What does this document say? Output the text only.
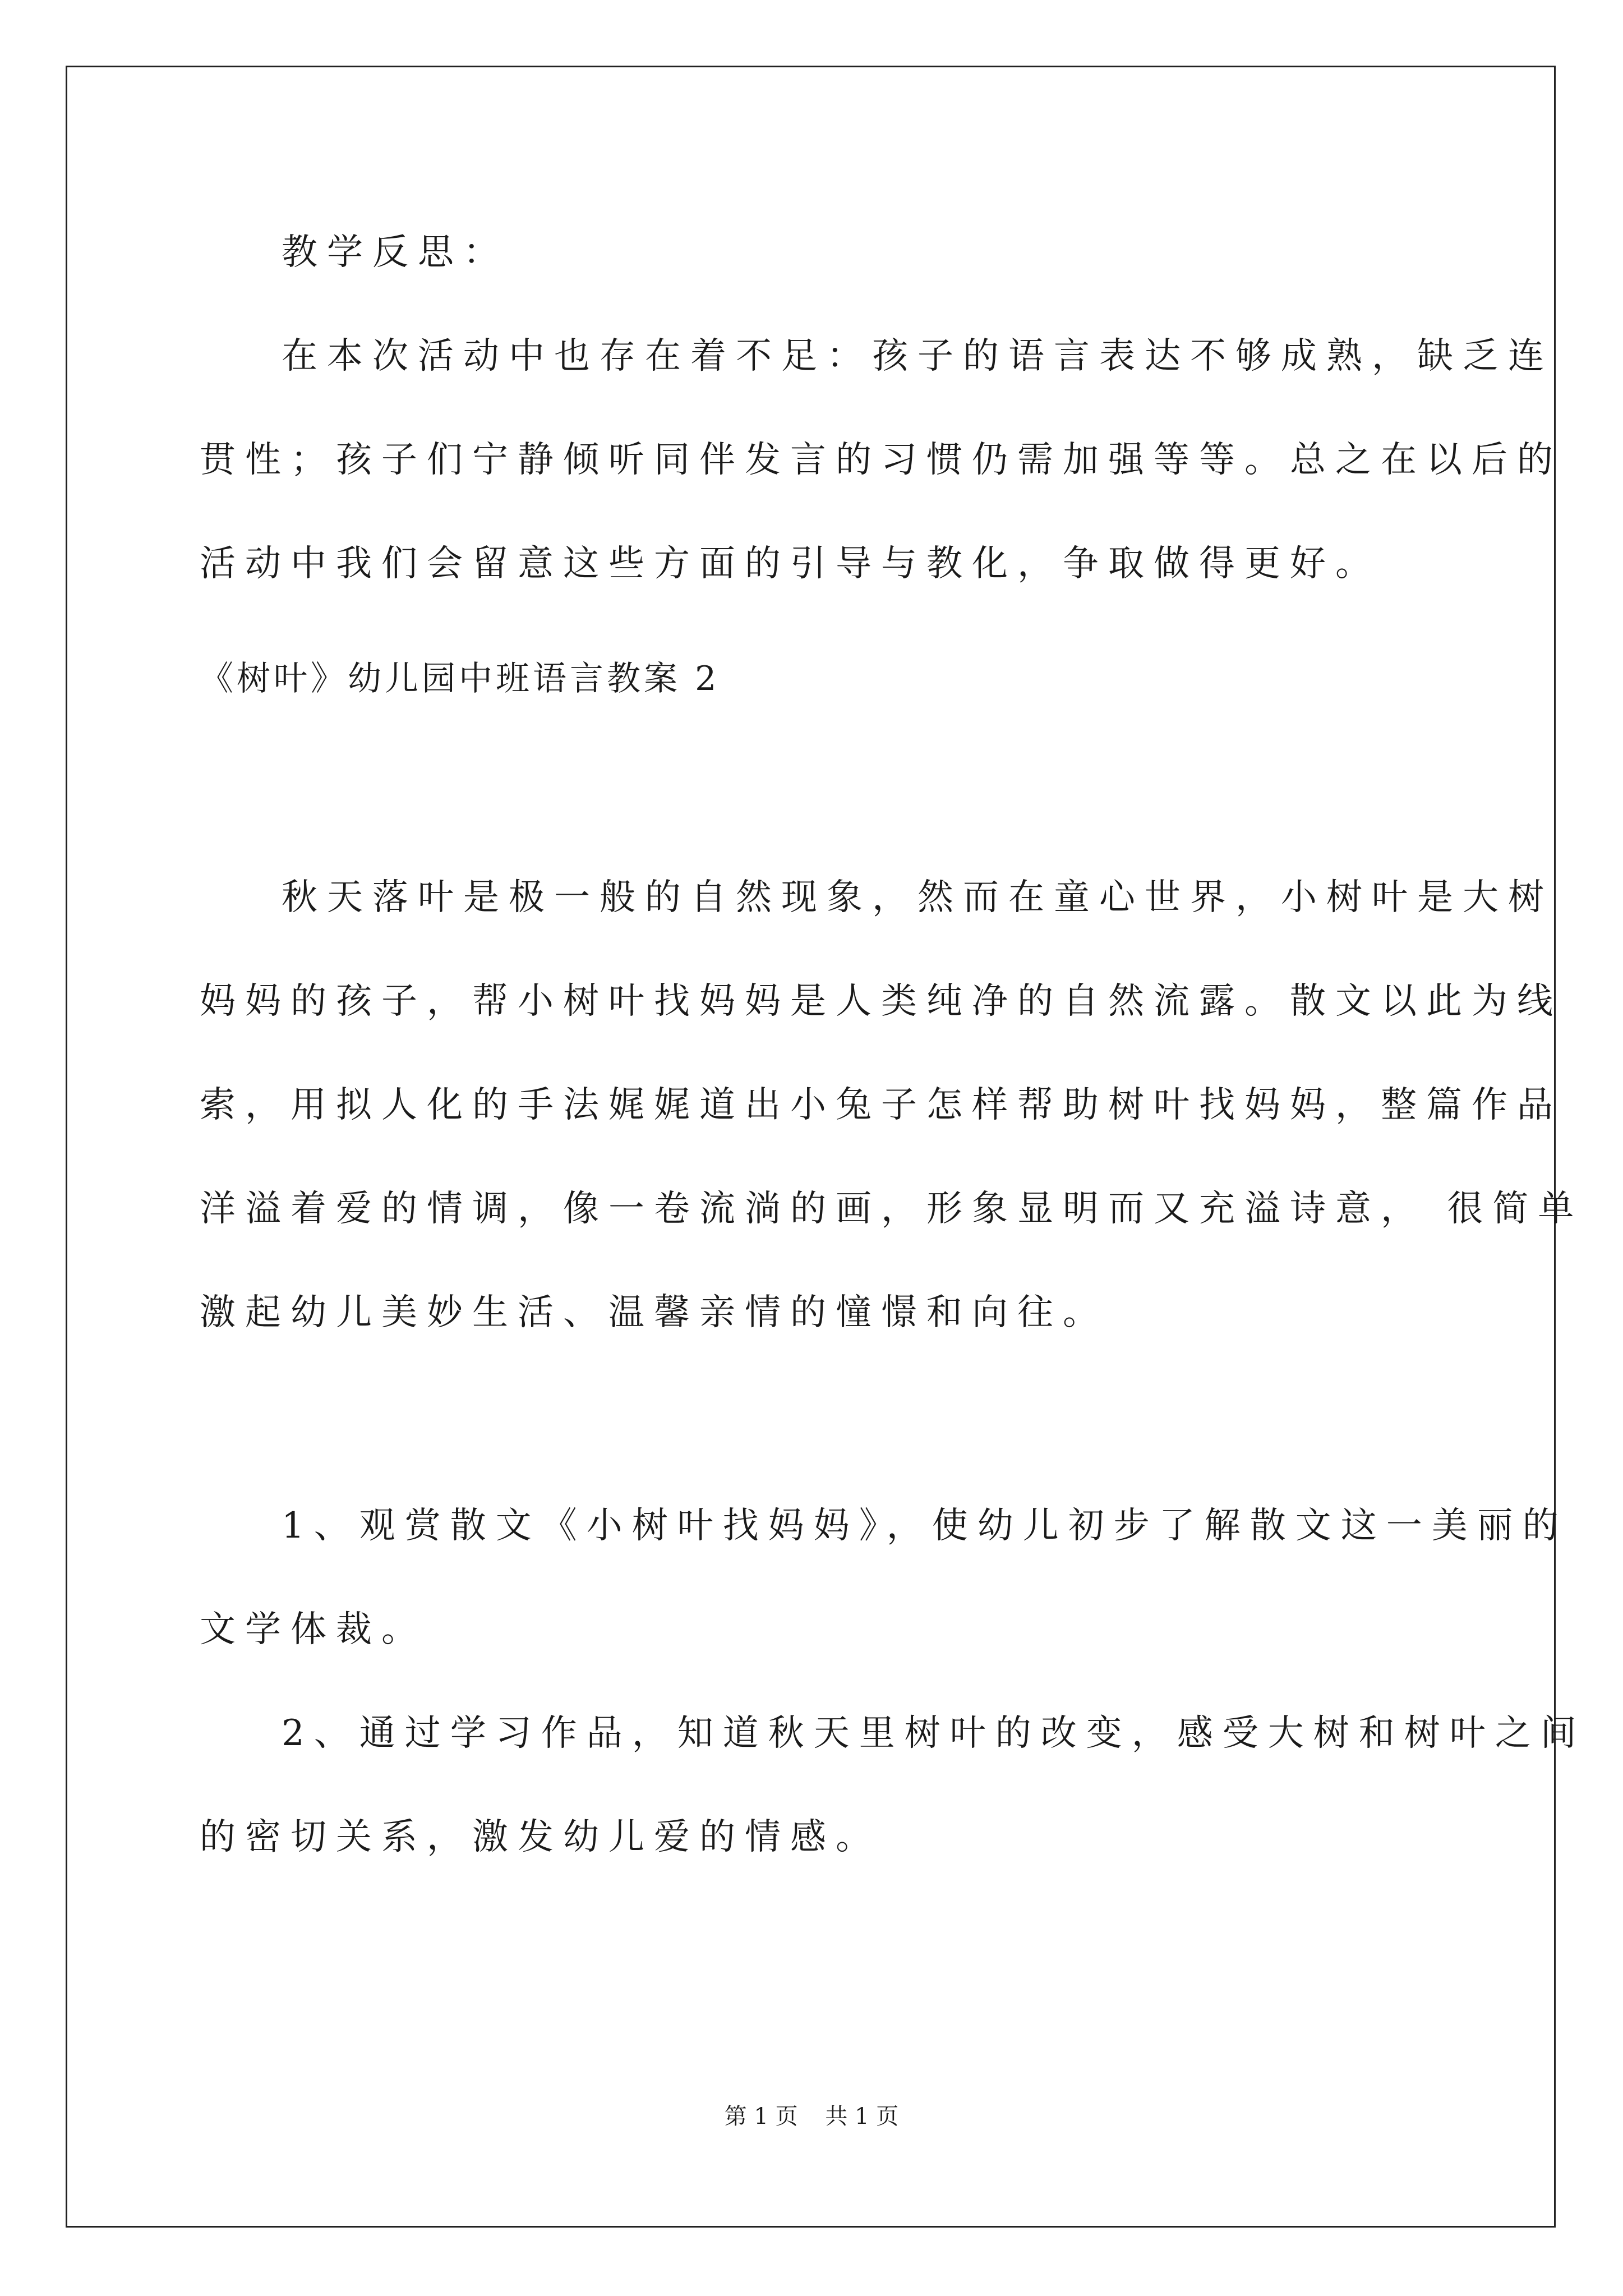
教学反思：
在本次活动中也存在着不足：孩子的语言表达不够成熟，缺乏连
贯性；孩子们宁静倾听同伴发言的习惯仍需加强等等。总之在以后的
活动中我们会留意这些方面的引导与教化，争取做得更好。
《树叶》幼儿园中班语言教案 2
秋天落叶是极一般的自然现象，然而在童心世界，小树叶是大树
妈妈的孩子，帮小树叶找妈妈是人类纯净的自然流露。散文以此为线
索，用拟人化的手法娓娓道出小兔子怎样帮助树叶找妈妈，整篇作品
洋溢着爱的情调，像一卷流淌的画，形象显明而又充溢诗意， 很简单
激起幼儿美妙生活、温馨亲情的憧憬和向往。
1、观赏散文《小树叶找妈妈》，使幼儿初步了解散文这一美丽的
文学体裁。
2、通过学习作品，知道秋天里树叶的改变，感受大树和树叶之间
的密切关系，激发幼儿爱的情感。
第 1 页 共 1 页
